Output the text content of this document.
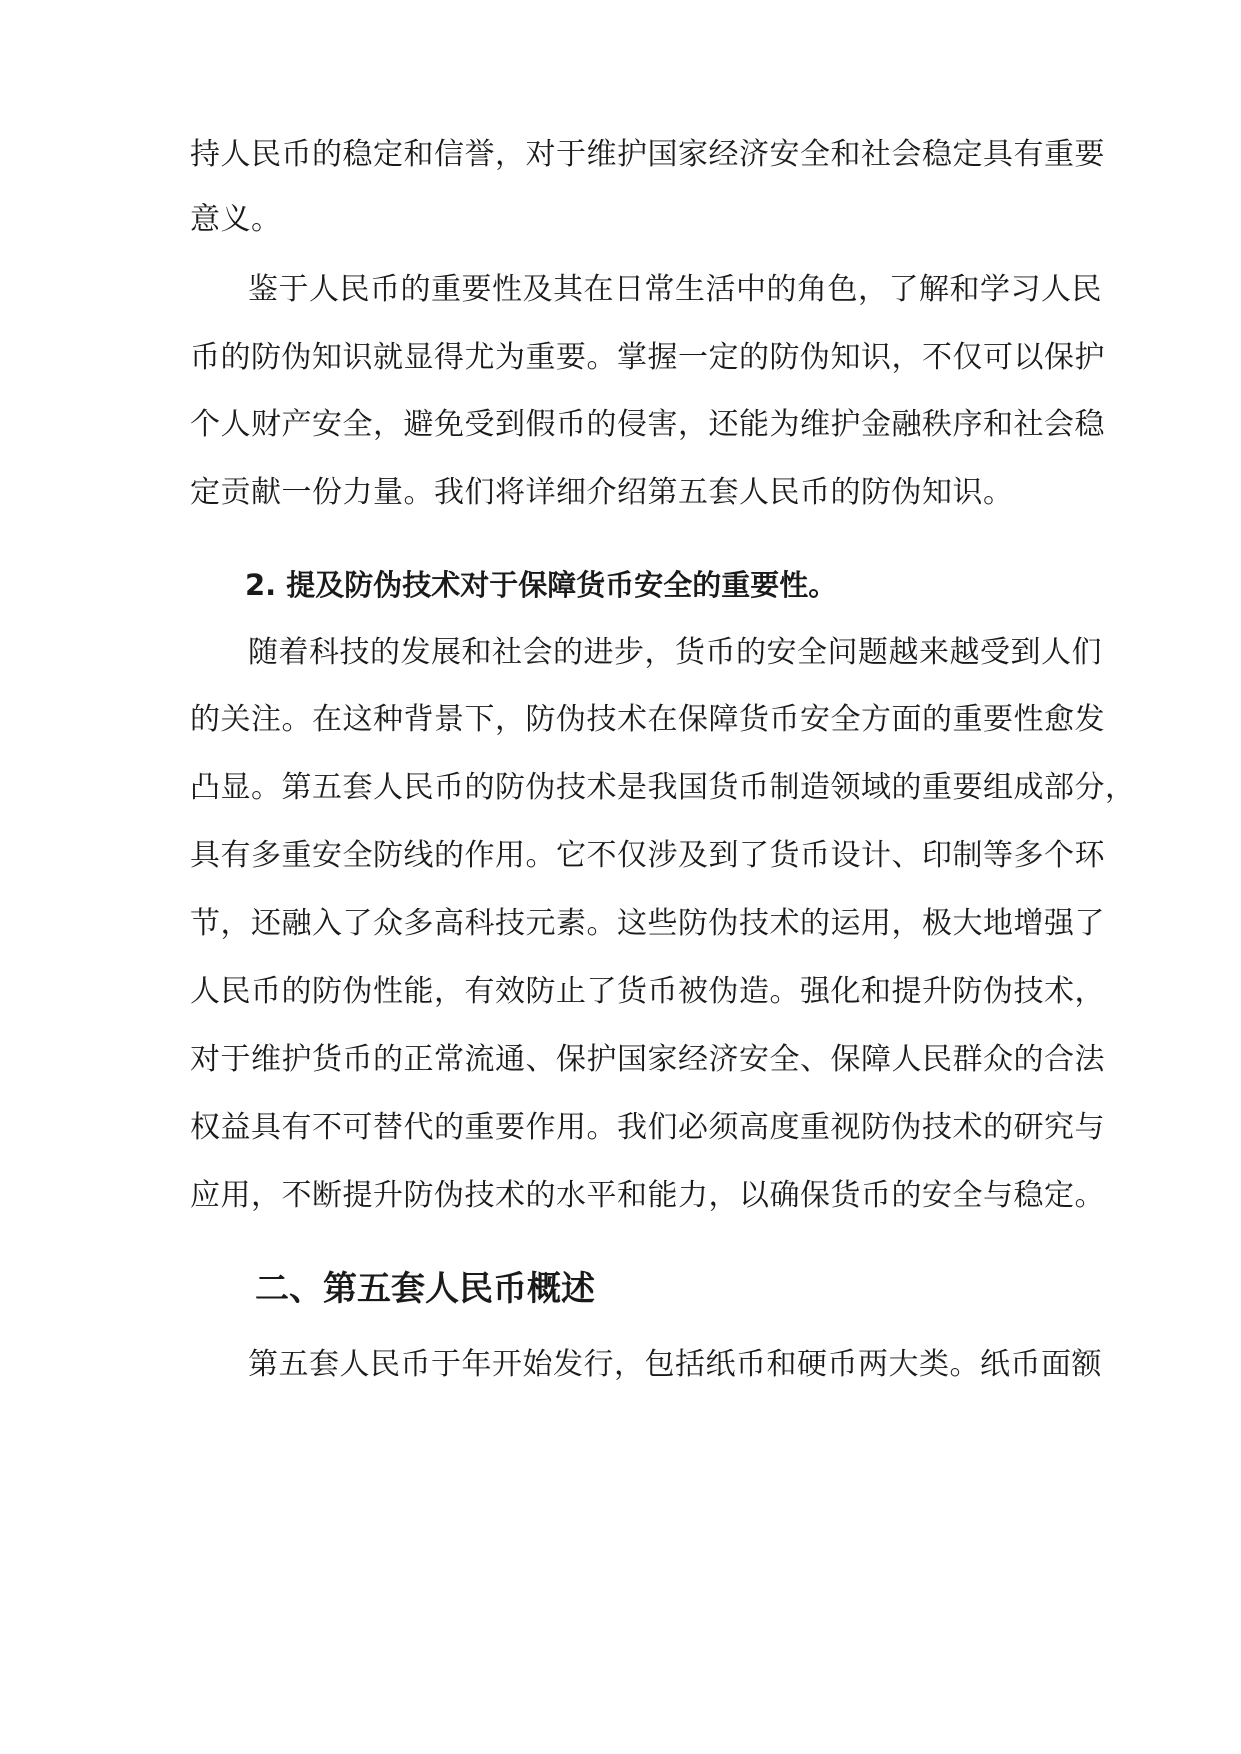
持人民币的稳定和信誉，对于维护国家经济安全和社会稳定具有重要
意义。
鉴于人民币的重要性及其在日常生活中的角色，了解和学习人民
币的防伪知识就显得尤为重要。掌握一定的防伪知识，不仅可以保护
个人财产安全，避免受到假币的侵害，还能为维护金融秩序和社会稳
定贡献一份力量。我们将详细介绍第五套人民币的防伪知识。
2. 提及防伪技术对于保障货币安全的重要性。
随着科技的发展和社会的进步，货币的安全问题越来越受到人们
的关注。在这种背景下，防伪技术在保障货币安全方面的重要性愈发
凸显。第五套人民币的防伪技术是我国货币制造领域的重要组成部分，
具有多重安全防线的作用。它不仅涉及到了货币设计、印制等多个环
节，还融入了众多高科技元素。这些防伪技术的运用，极大地增强了
人民币的防伪性能，有效防止了货币被伪造。强化和提升防伪技术，
对于维护货币的正常流通、保护国家经济安全、保障人民群众的合法
权益具有不可替代的重要作用。我们必须高度重视防伪技术的研究与
应用，不断提升防伪技术的水平和能力，以确保货币的安全与稳定。
二、第五套人民币概述
第五套人民币于年开始发行，包括纸币和硬币两大类。纸币面额
